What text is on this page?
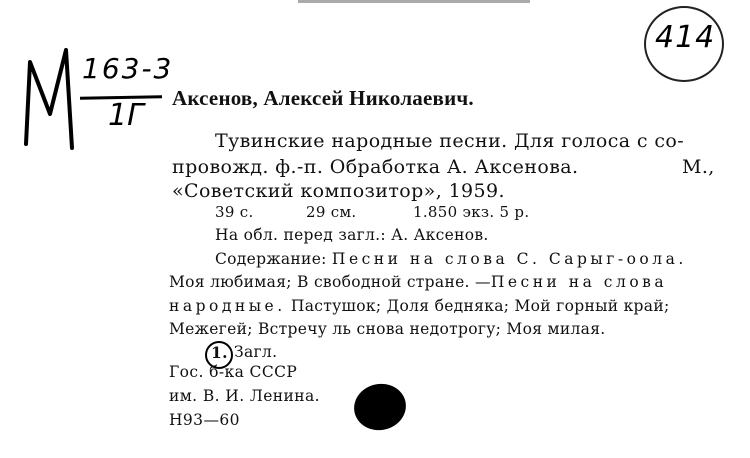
163-3
1Г
414
Аксенов, Алексей Николаевич.
Тувинские народные песни. Для голоса с со-
провожд. ф.-п. Обработка А. Аксенова.	М.,
«Советский композитор», 1959.
39 с.	29 см.	1.850 экз. 5 р.
На обл. перед загл.: А. Аксенов.
Содержание: Песни на слова С. Сарыг-оола.
Моя любимая; В свободной стране. —Песни на слова
народные. Пастушок; Доля бедняка; Мой горный край;
Межегей; Встречу ль снова недотрогу; Моя милая.
1. Загл.
Гос. б-ка СССР
им. В. И. Ленина.
Н93—60
